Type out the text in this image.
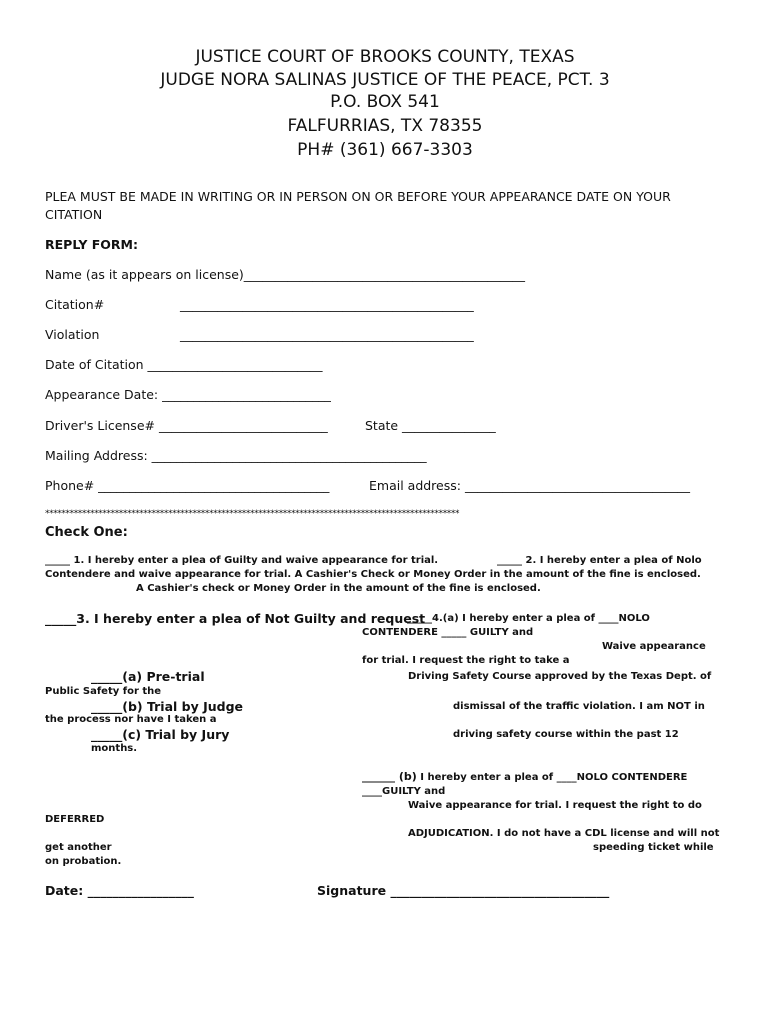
JUSTICE COURT OF BROOKS COUNTY, TEXAS
JUDGE NORA SALINAS JUSTICE OF THE PEACE, PCT. 3
P.O. BOX 541
FALFURRIAS, TX 78355
PH# (361) 667-3303
PLEA MUST BE MADE IN WRITING OR IN PERSON ON OR BEFORE YOUR APPEARANCE DATE ON YOUR
CITATION
REPLY FORM:
Name (as it appears on license)_____________________________________________
Citation#	_______________________________________________
Violation	_______________________________________________
Date of Citation ____________________________
Appearance Date: ___________________________
Driver's License# ___________________________	State _______________
Mailing Address: ____________________________________________
Phone# _____________________________________	Email address: ____________________________________
*****************************************************************************************************
Check One:
_____ 1. I hereby enter a plea of Guilty and waive appearance for trial.	_____ 2. I hereby enter a plea of Nolo
Contendere and waive appearance for trial. A Cashier's Check or Money Order in the amount of the fine is enclosed.
A Cashier's check or Money Order in the amount of the fine is enclosed.
_____3. I hereby enter a plea of Not Guilty and request
_____4.(a) I hereby enter a plea of ____NOLO
CONTENDERE _____ GUILTY and
Waive appearance
for trial. I request the right to take a
_____(a) Pre-trial	Driving Safety Course approved by the Texas Dept. of
Public Safety for the
_____(b) Trial by Judge	dismissal of the traffic violation. I am NOT in
the process nor have I taken a
_____(c) Trial by Jury	driving safety course within the past 12
months.
______ (b) I hereby enter a plea of ____NOLO CONTENDERE
____GUILTY and
Waive appearance for trial. I request the right to do
DEFERRED
ADJUDICATION. I do not have a CDL license and will not
get another	speeding ticket while
on probation.
Date: _________________	Signature ___________________________________
